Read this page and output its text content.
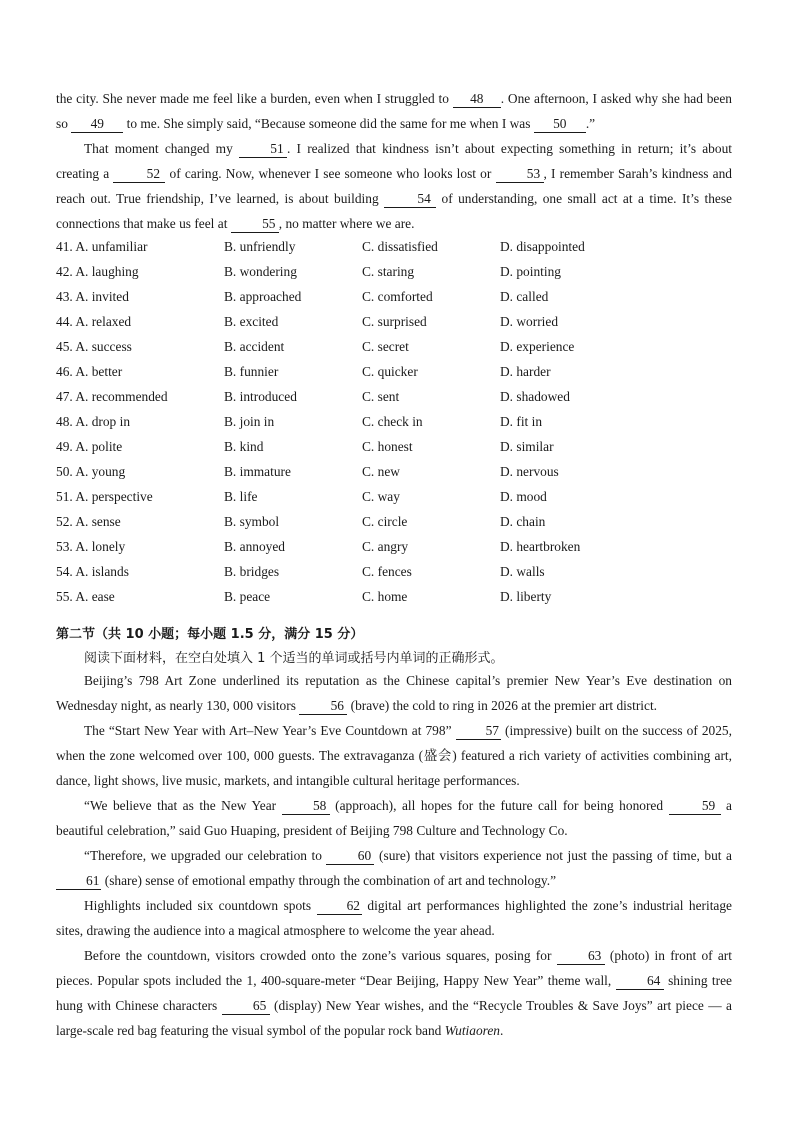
the city. She never made me feel like a burden, even when I struggled to 48 . One afternoon, I asked why she had been so 49 to me. She simply said, “Because someone did the same for me when I was 50 .”

That moment changed my 51 . I realized that kindness isn’t about expecting something in return; it’s about creating a 52 of caring. Now, whenever I see someone who looks lost or 53 , I remember Sarah’s kindness and reach out. True friendship, I’ve learned, is about building 54 of understanding, one small act at a time. It’s these connections that make us feel at 55 , no matter where we are.

41. A. unfamiliar	B. unfriendly	C. dissatisfied	D. disappointed
42. A. laughing	B. wondering	C. staring	D. pointing
43. A. invited	B. approached	C. comforted	D. called
44. A. relaxed	B. excited	C. surprised	D. worried
45. A. success	B. accident	C. secret	D. experience
46. A. better	B. funnier	C. quicker	D. harder
47. A. recommended	B. introduced	C. sent	D. shadowed
48. A. drop in	B. join in	C. check in	D. fit in
49. A. polite	B. kind	C. honest	D. similar
50. A. young	B. immature	C. new	D. nervous
51. A. perspective	B. life	C. way	D. mood
52. A. sense	B. symbol	C. circle	D. chain
53. A. lonely	B. annoyed	C. angry	D. heartbroken
54. A. islands	B. bridges	C. fences	D. walls
55. A. ease	B. peace	C. home	D. liberty
第二节（共 10 小题；每小题 1.5 分，满分 15 分）
阅读下面材料，在空白处填入 1 个适当的单词或括号内单词的正确形式。

Beijing’s 798 Art Zone underlined its reputation as the Chinese capital’s premier New Year’s Eve destination on Wednesday night, as nearly 130, 000 visitors 56 (brave) the cold to ring in 2026 at the premier art district.

The “Start New Year with Art–New Year’s Eve Countdown at 798” 57 (impressive) built on the success of 2025, when the zone welcomed over 100, 000 guests. The extravaganza (盛会) featured a rich variety of activities combining art, dance, light shows, live music, markets, and intangible cultural heritage performances.

“We believe that as the New Year 58 (approach), all hopes for the future call for being honored 59 a beautiful celebration,” said Guo Huaping, president of Beijing 798 Culture and Technology Co.

“Therefore, we upgraded our celebration to 60 (sure) that visitors experience not just the passing of time, but a 61 (share) sense of emotional empathy through the combination of art and technology.”

Highlights included six countdown spots 62 digital art performances highlighted the zone’s industrial heritage sites, drawing the audience into a magical atmosphere to welcome the year ahead.

Before the countdown, visitors crowded onto the zone’s various squares, posing for 63 (photo) in front of art pieces. Popular spots included the 1, 400-square-meter “Dear Beijing, Happy New Year” theme wall, 64 shining tree hung with Chinese characters 65 (display) New Year wishes, and the “Recycle Troubles & Save Joys” art piece — a large-scale red bag featuring the visual symbol of the popular rock band Wutiaoren.
